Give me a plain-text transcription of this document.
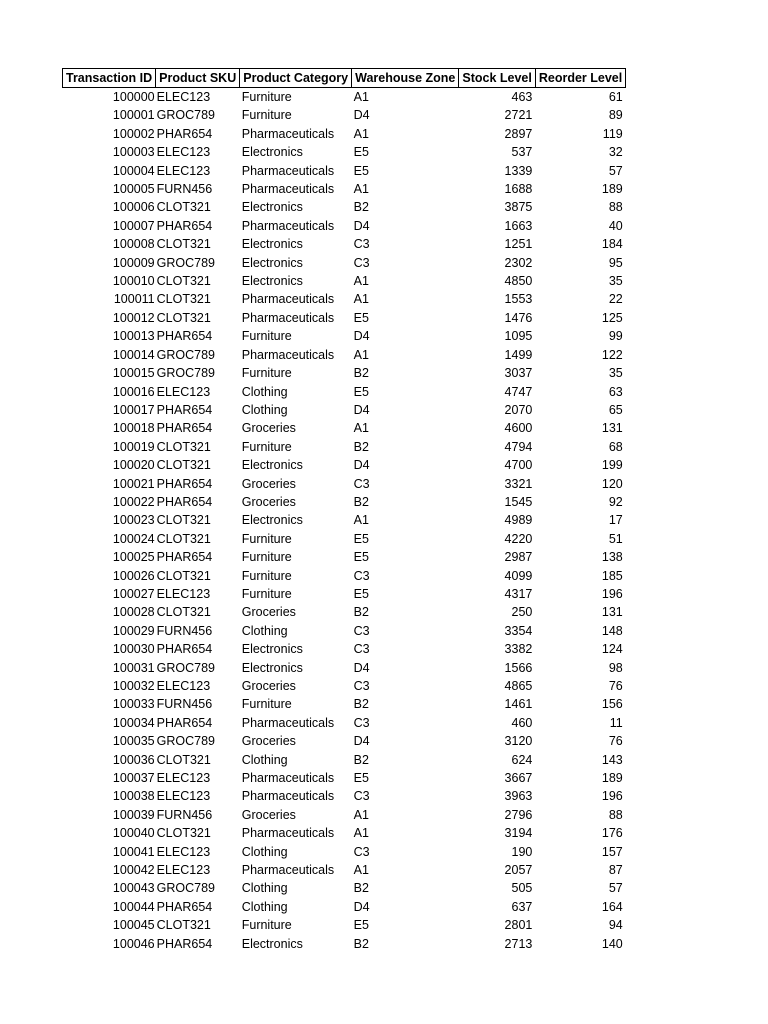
Transaction ID	Product SKU	Product Category	Warehouse Zone	Stock Level	Reorder Level
100000	ELEC123	Furniture	A1	463	61
100001	GROC789	Furniture	D4	2721	89
100002	PHAR654	Pharmaceuticals	A1	2897	119
100003	ELEC123	Electronics	E5	537	32
100004	ELEC123	Pharmaceuticals	E5	1339	57
100005	FURN456	Pharmaceuticals	A1	1688	189
100006	CLOT321	Electronics	B2	3875	88
100007	PHAR654	Pharmaceuticals	D4	1663	40
100008	CLOT321	Electronics	C3	1251	184
100009	GROC789	Electronics	C3	2302	95
100010	CLOT321	Electronics	A1	4850	35
100011	CLOT321	Pharmaceuticals	A1	1553	22
100012	CLOT321	Pharmaceuticals	E5	1476	125
100013	PHAR654	Furniture	D4	1095	99
100014	GROC789	Pharmaceuticals	A1	1499	122
100015	GROC789	Furniture	B2	3037	35
100016	ELEC123	Clothing	E5	4747	63
100017	PHAR654	Clothing	D4	2070	65
100018	PHAR654	Groceries	A1	4600	131
100019	CLOT321	Furniture	B2	4794	68
100020	CLOT321	Electronics	D4	4700	199
100021	PHAR654	Groceries	C3	3321	120
100022	PHAR654	Groceries	B2	1545	92
100023	CLOT321	Electronics	A1	4989	17
100024	CLOT321	Furniture	E5	4220	51
100025	PHAR654	Furniture	E5	2987	138
100026	CLOT321	Furniture	C3	4099	185
100027	ELEC123	Furniture	E5	4317	196
100028	CLOT321	Groceries	B2	250	131
100029	FURN456	Clothing	C3	3354	148
100030	PHAR654	Electronics	C3	3382	124
100031	GROC789	Electronics	D4	1566	98
100032	ELEC123	Groceries	C3	4865	76
100033	FURN456	Furniture	B2	1461	156
100034	PHAR654	Pharmaceuticals	C3	460	11
100035	GROC789	Groceries	D4	3120	76
100036	CLOT321	Clothing	B2	624	143
100037	ELEC123	Pharmaceuticals	E5	3667	189
100038	ELEC123	Pharmaceuticals	C3	3963	196
100039	FURN456	Groceries	A1	2796	88
100040	CLOT321	Pharmaceuticals	A1	3194	176
100041	ELEC123	Clothing	C3	190	157
100042	ELEC123	Pharmaceuticals	A1	2057	87
100043	GROC789	Clothing	B2	505	57
100044	PHAR654	Clothing	D4	637	164
100045	CLOT321	Furniture	E5	2801	94
100046	PHAR654	Electronics	B2	2713	140
